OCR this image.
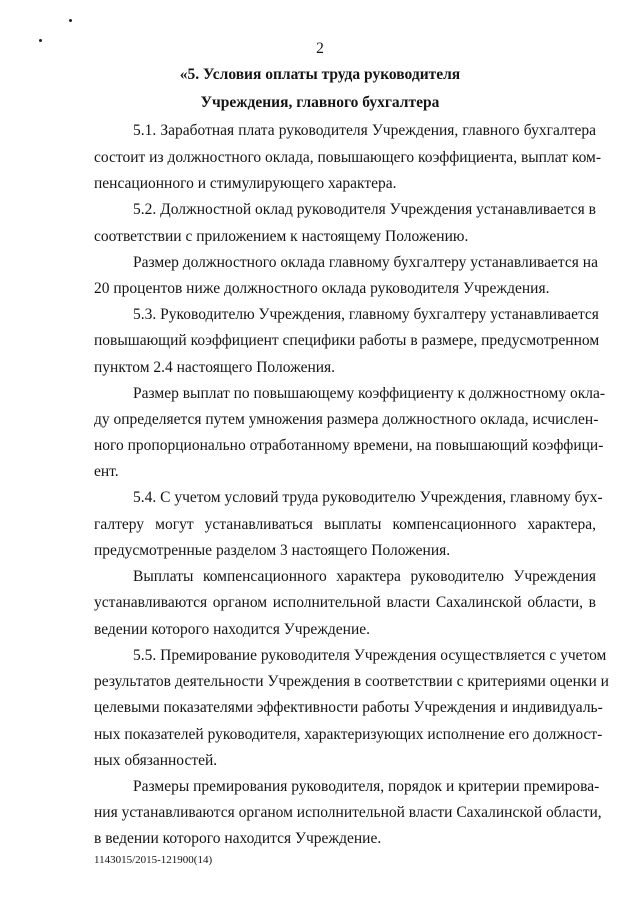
2
«5. Условия оплаты труда руководителя
Учреждения, главного бухгалтера
5.1. Заработная плата руководителя Учреждения, главного бухгалтера
состоит из должностного оклада, повышающего коэффициента, выплат ком-
пенсационного и стимулирующего характера.
5.2. Должностной оклад руководителя Учреждения устанавливается в
соответствии с приложением к настоящему Положению.
Размер должностного оклада главному бухгалтеру устанавливается на
20 процентов ниже должностного оклада руководителя Учреждения.
5.3. Руководителю Учреждения, главному бухгалтеру устанавливается
повышающий коэффициент специфики работы в размере, предусмотренном
пунктом 2.4 настоящего Положения.
Размер выплат по повышающему коэффициенту к должностному окла-
ду определяется путем умножения размера должностного оклада, исчислен-
ного пропорционально отработанному времени, на повышающий коэффици-
ент.
5.4. С учетом условий труда руководителю Учреждения, главному бух-
галтеру могут устанавливаться выплаты компенсационного характера,
предусмотренные разделом 3 настоящего Положения.
Выплаты компенсационного характера руководителю Учреждения
устанавливаются органом исполнительной власти Сахалинской области, в
ведении которого находится Учреждение.
5.5. Премирование руководителя Учреждения осуществляется с учетом
результатов деятельности Учреждения в соответствии с критериями оценки и
целевыми показателями эффективности работы Учреждения и индивидуаль-
ных показателей руководителя, характеризующих исполнение его должност-
ных обязанностей.
Размеры премирования руководителя, порядок и критерии премирова-
ния устанавливаются органом исполнительной власти Сахалинской области,
в ведении которого находится Учреждение.
1143015/2015-121900(14)
